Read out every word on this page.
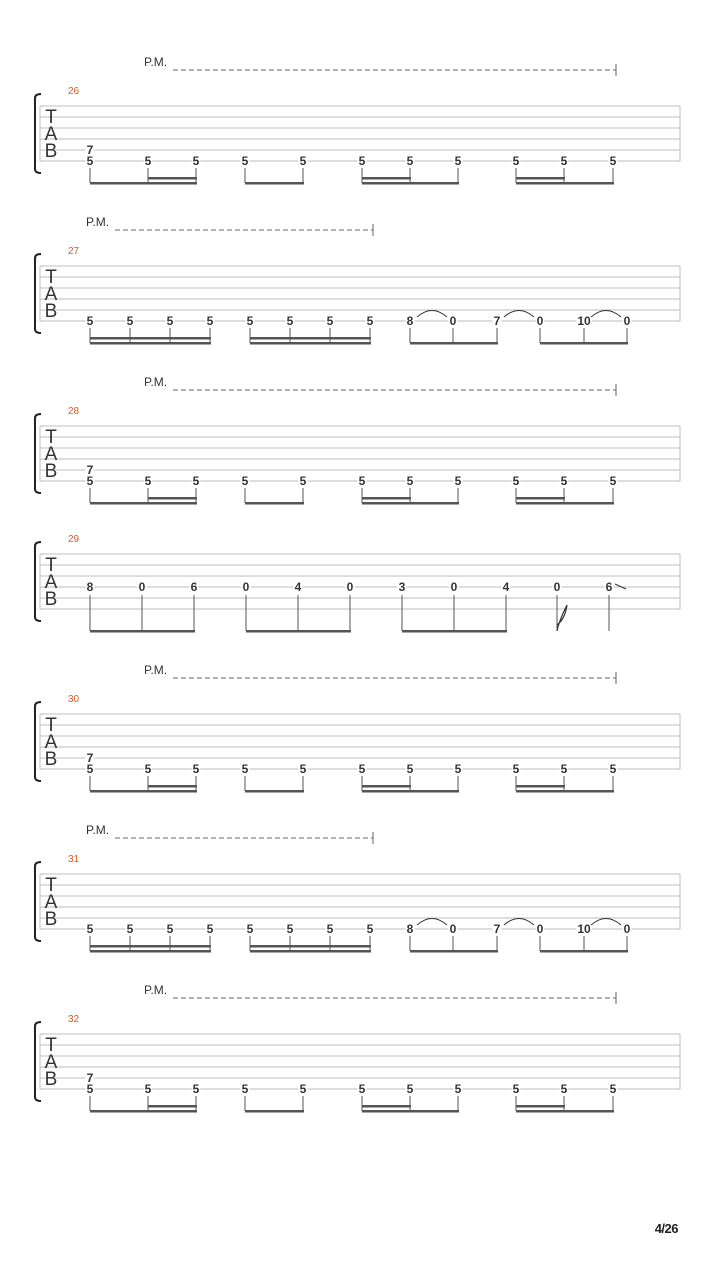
T
A
B
26
P.M.
5
7
5	5	5	5	5	5	5	5	5	5
T
A
B
27
P.M.
5	5	5	5	5	5	5	5	8	0	7	0	10	0
T
A
B
28
P.M.
5
7
5	5	5	5	5	5	5	5	5	5
T
A
B
29
8	0	6	0	4	0	3	0	4	0	6
T
A
B
30
P.M.
5
7
5	5	5	5	5	5	5	5	5	5
T
A
B
31
P.M.
5	5	5	5	5	5	5	5	8	0	7	0	10	0
T
A
B
32
P.M.
5
7
5	5	5	5	5	5	5	5	5	5
4/26
